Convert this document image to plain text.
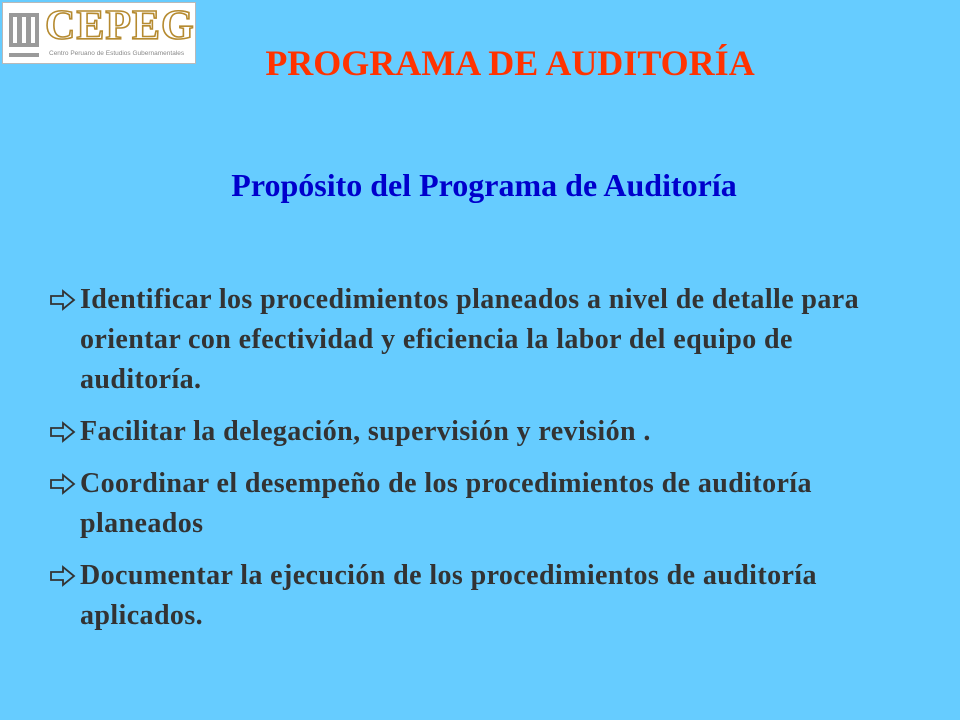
CEPEG
Centro Peruano de Estudios Gubernamentales	PROGRAMA DE AUDITORÍA
Propósito del Programa de Auditoría
Identificar los procedimientos planeados a nivel de detalle para orientar con efectividad y eficiencia la labor del equipo de auditoría.
Facilitar la delegación, supervisión y revisión .
Coordinar el desempeño de los procedimientos de auditoría planeados
Documentar la ejecución de los procedimientos de auditoría aplicados.
